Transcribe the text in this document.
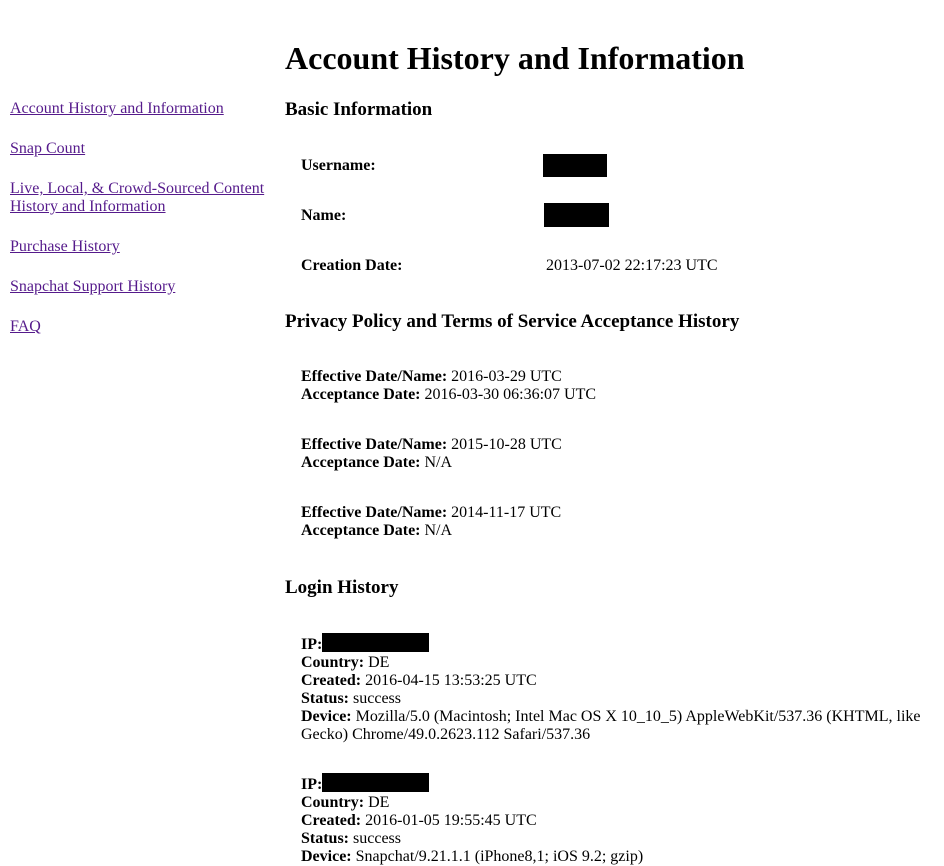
Account History and Information
Snap Count
Live, Local, & Crowd-Sourced Content History and Information
Purchase History
Snapchat Support History
FAQ
Account History and Information
Basic Information
Username:
Name:
Creation Date:	2013-07-02 22:17:23 UTC
Privacy Policy and Terms of Service Acceptance History
Effective Date/Name: 2016-03-29 UTC
Acceptance Date: 2016-03-30 06:36:07 UTC
Effective Date/Name: 2015-10-28 UTC
Acceptance Date: N/A
Effective Date/Name: 2014-11-17 UTC
Acceptance Date: N/A
Login History
IP:
Country: DE
Created: 2016-04-15 13:53:25 UTC
Status: success
Device: Mozilla/5.0 (Macintosh; Intel Mac OS X 10_10_5) AppleWebKit/537.36 (KHTML, like Gecko) Chrome/49.0.2623.112 Safari/537.36
IP:
Country: DE
Created: 2016-01-05 19:55:45 UTC
Status: success
Device: Snapchat/9.21.1.1 (iPhone8,1; iOS 9.2; gzip)
